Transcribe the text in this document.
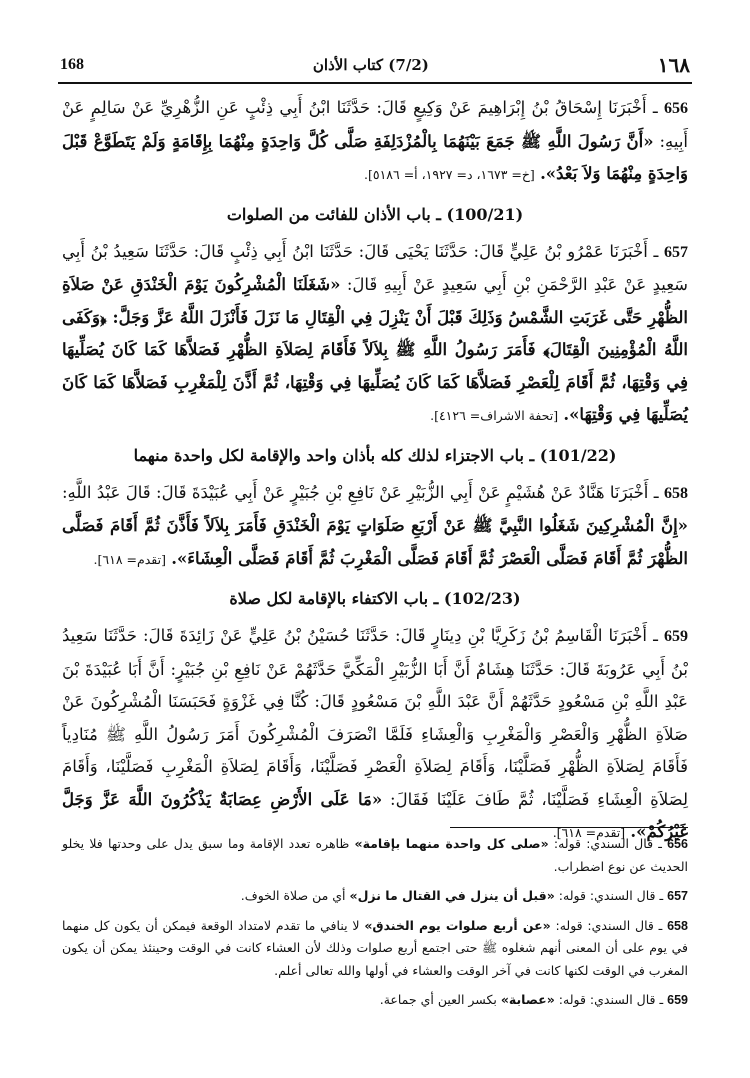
١٦٨
(7/2) كتاب الأذان
168

656 ـ أَخْبَرَنَا إِسْحَاقُ بْنُ إِبْرَاهِيمَ عَنْ وَكِيعٍ قَالَ: حَدَّثَنَا ابْنُ أَبِي ذِئْبٍ عَنِ الزُّهْرِيِّ عَنْ سَالِمٍ عَنْ أَبِيهِ: «أَنَّ رَسُولَ اللَّهِ ﷺ جَمَعَ بَيْنَهُمَا بِالْمُزْدَلِفَةِ صَلَّى كُلَّ وَاحِدَةٍ مِنْهُمَا بِإِقَامَةٍ وَلَمْ يَتَطَوَّعْ قَبْلَ وَاحِدَةٍ مِنْهُمَا وَلاَ بَعْدُ». [خ= ١٦٧٣، د= ١٩٢٧، أ= ٥١٨٦].

(100/21) ـ باب الأذان للفائت من الصلوات

657 ـ أَخْبَرَنَا عَمْرُو بْنُ عَلِيٍّ قَالَ: حَدَّثَنَا يَحْيَى قَالَ: حَدَّثَنَا ابْنُ أَبِي ذِئْبٍ قَالَ: حَدَّثَنَا سَعِيدُ بْنُ أَبِي سَعِيدٍ عَنْ عَبْدِ الرَّحْمَنِ بْنِ أَبِي سَعِيدٍ عَنْ أَبِيهِ قَالَ: «شَغَلَنَا الْمُشْرِكُونَ يَوْمَ الْخَنْدَقِ عَنْ صَلاَةِ الظُّهْرِ حَتَّى غَرَبَتِ الشَّمْسُ وَذَلِكَ قَبْلَ أَنْ يَنْزِلَ فِي الْقِتَالِ مَا نَزَلَ فَأَنْزَلَ اللَّهُ عَزَّ وَجَلَّ: ﴿وَكَفَى اللَّهُ الْمُؤْمِنِينَ الْقِتَالَ﴾ فَأَمَرَ رَسُولُ اللَّهِ ﷺ بِلاَلاً فَأَقَامَ لِصَلاَةِ الظُّهْرِ فَصَلاَّهَا كَمَا كَانَ يُصَلِّيهَا فِي وَقْتِهَا، ثُمَّ أَقَامَ لِلْعَصْرِ فَصَلاَّهَا كَمَا كَانَ يُصَلِّيهَا فِي وَقْتِهَا، ثُمَّ أَذَّنَ لِلْمَغْرِبِ فَصَلاَّهَا كَمَا كَانَ يُصَلِّيهَا فِي وَقْتِهَا». [تحفة الاشراف= ٤١٢٦].

(101/22) ـ باب الاجتزاء لذلك كله بأذان واحد والإقامة لكل واحدة منهما

658 ـ أَخْبَرَنَا هَنَّادٌ عَنْ هُشَيْمٍ عَنْ أَبِي الزُّبَيْرِ عَنْ نَافِعِ بْنِ جُبَيْرٍ عَنْ أَبِي عُبَيْدَةَ قَالَ: قَالَ عَبْدُ اللَّهِ: «إِنَّ الْمُشْرِكِينَ شَغَلُوا النَّبِيَّ ﷺ عَنْ أَرْبَعِ صَلَوَاتٍ يَوْمَ الْخَنْدَقِ فَأَمَرَ بِلاَلاً فَأَذَّنَ ثُمَّ أَقَامَ فَصَلَّى الظُّهْرَ ثُمَّ أَقَامَ فَصَلَّى الْعَصْرَ ثُمَّ أَقَامَ فَصَلَّى الْمَغْرِبَ ثُمَّ أَقَامَ فَصَلَّى الْعِشَاءَ». [تقدم= ٦١٨].

(102/23) ـ باب الاكتفاء بالإقامة لكل صلاة

659 ـ أَخْبَرَنَا الْقَاسِمُ بْنُ زَكَرِيَّا بْنِ دِينَارٍ قَالَ: حَدَّثَنَا حُسَيْنُ بْنُ عَلِيٍّ عَنْ زَائِدَةَ قَالَ: حَدَّثَنَا سَعِيدُ بْنُ أَبِي عَرُوبَةَ قَالَ: حَدَّثَنَا هِشَامٌ أَنَّ أَبَا الزُّبَيْرِ الْمَكِّيَّ حَدَّثَهُمْ عَنْ نَافِعِ بْنِ جُبَيْرٍ: أَنَّ أَبَا عُبَيْدَةَ بْنَ عَبْدِ اللَّهِ بْنِ مَسْعُودٍ حَدَّثَهُمْ أَنَّ عَبْدَ اللَّهِ بْنَ مَسْعُودٍ قَالَ: كُنَّا فِي غَزْوَةٍ فَحَبَسَنَا الْمُشْرِكُونَ عَنْ صَلاَةِ الظُّهْرِ وَالْعَصْرِ وَالْمَغْرِبِ وَالْعِشَاءِ فَلَمَّا انْصَرَفَ الْمُشْرِكُونَ أَمَرَ رَسُولُ اللَّهِ ﷺ مُنَادِياً فَأَقَامَ لِصَلاَةِ الظُّهْرِ فَصَلَّيْنَا، وَأَقَامَ لِصَلاَةِ الْعَصْرِ فَصَلَّيْنَا، وَأَقَامَ لِصَلاَةِ الْمَغْرِبِ فَصَلَّيْنَا، وَأَقَامَ لِصَلاَةِ الْعِشَاءِ فَصَلَّيْنَا، ثُمَّ طَافَ عَلَيْنَا فَقَالَ: «مَا عَلَى الأَرْضِ عِصَابَةٌ يَذْكُرُونَ اللَّهَ عَزَّ وَجَلَّ غَيْرُكُمْ». [تقدم= ٦١٨].

656 ـ قال السندي: قوله: «صلى كل واحدة منهما بإقامة» ظاهره تعدد الإقامة وما سبق يدل على وحدتها فلا يخلو الحديث عن نوع اضطراب.

657 ـ قال السندي: قوله: «قبل أن ينزل في القتال ما نزل» أي من صلاة الخوف.

658 ـ قال السندي: قوله: «عن أربع صلوات يوم الخندق» لا ينافي ما تقدم لامتداد الوقعة فيمكن أن يكون كل منهما في يوم على أن المعنى أنهم شغلوه ﷺ حتى اجتمع أربع صلوات وذلك لأن العشاء كانت في الوقت وحينئذ يمكن أن يكون المغرب في الوقت لكنها كانت في آخر الوقت والعشاء في أولها والله تعالى أعلم.

659 ـ قال السندي: قوله: «عصابة» بكسر العين أي جماعة.
